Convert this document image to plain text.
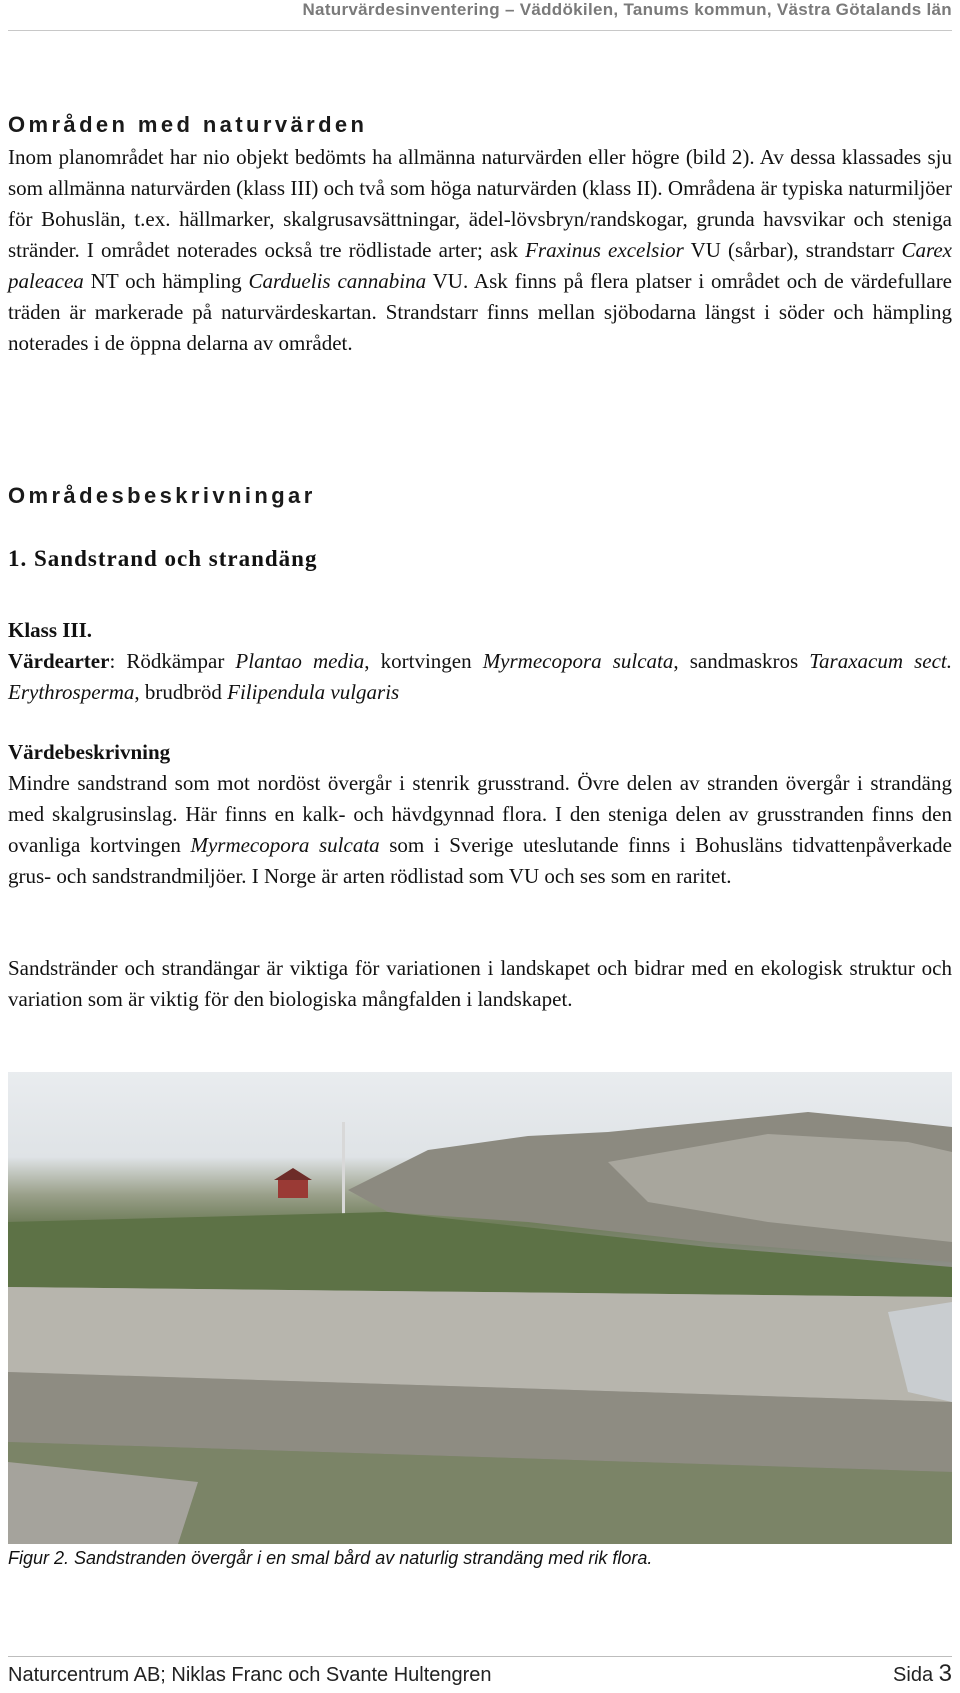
Naturvärdesinventering – Väddökilen, Tanums kommun, Västra Götalands län
Områden med naturvärden

Inom planområdet har nio objekt bedömts ha allmänna naturvärden eller högre (bild 2). Av dessa klassades sju som allmänna naturvärden (klass III) och två som höga naturvärden (klass II). Områdena är typiska naturmiljöer för Bohuslän, t.ex. hällmarker, skalgrusavsättningar, ädel-lövsbryn/randskogar, grunda havsvikar och steniga stränder. I området noterades också tre rödlistade arter; ask Fraxinus excelsior VU (sårbar), strandstarr Carex paleacea NT och hämpling Carduelis cannabina VU. Ask finns på flera platser i området och de värdefullare träden är markerade på naturvärdeskartan. Strandstarr finns mellan sjöbodarna längst i söder och hämpling noterades i de öppna delarna av området.

Områdesbeskrivningar
1. Sandstrand och strandäng
Klass III.

Värdearter: Rödkämpar Plantao media, kortvingen Myrmecopora sulcata, sandmaskros Taraxacum sect. Erythrosperma, brudbröd Filipendula vulgaris

Värdebeskrivning

Mindre sandstrand som mot nordöst övergår i stenrik grusstrand. Övre delen av stranden övergår i strandäng med skalgrusinslag. Här finns en kalk- och hävdgynnad flora. I den steniga delen av grusstranden finns den ovanliga kortvingen Myrmecopora sulcata som i Sverige uteslutande finns i Bohusläns tidvattenpåverkade grus- och sandstrandmiljöer. I Norge är arten rödlistad som VU och ses som en raritet.

Sandstränder och strandängar är viktiga för variationen i landskapet och bidrar med en ekologisk struktur och variation som är viktig för den biologiska mångfalden i landskapet.

Figur 2. Sandstranden övergår i en smal bård av naturlig strandäng med rik flora.
Naturcentrum AB; Niklas Franc och Svante Hultengren	Sida 3
